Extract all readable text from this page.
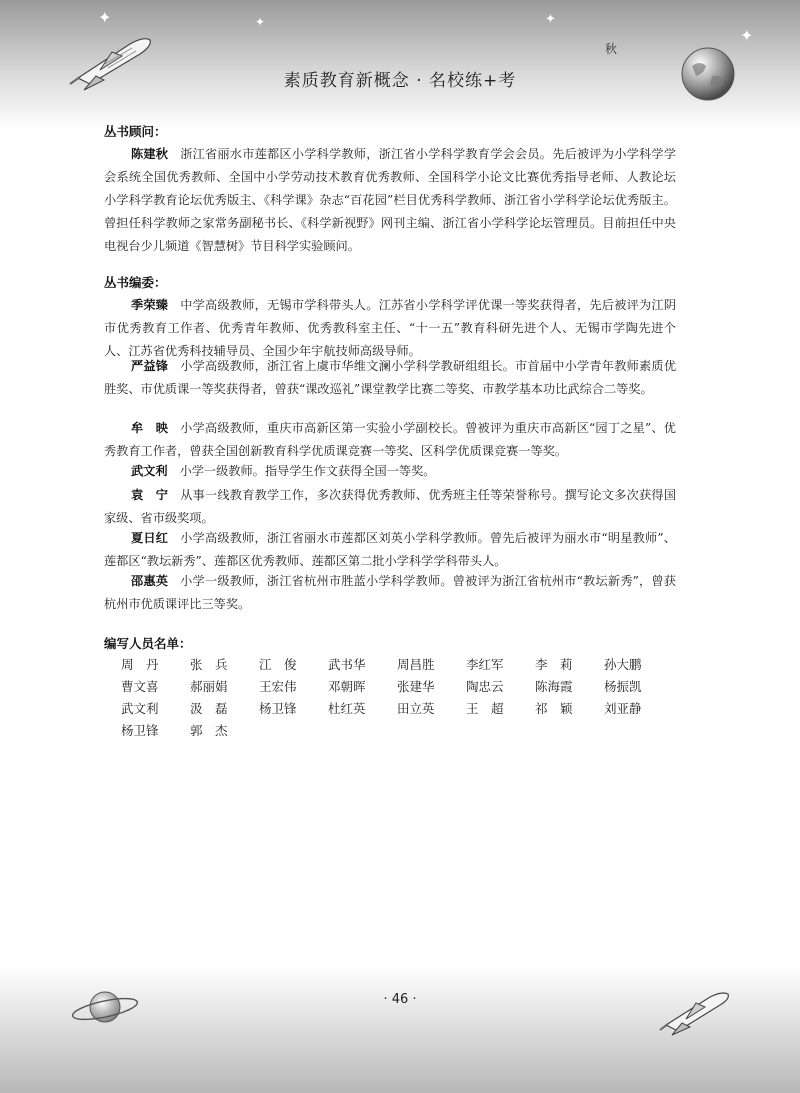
✦	✦	✦
✦
秋
素质教育新概念 · 名校练+考
丛书顾问：
陈建秋 浙江省丽水市莲都区小学科学教师，浙江省小学科学教育学会会员。先后被评为小学科学学会系统全国优秀教师、全国中小学劳动技术教育优秀教师、全国科学小论文比赛优秀指导老师、人教论坛小学科学教育论坛优秀版主、《科学课》杂志“百花园”栏目优秀科学教师、浙江省小学科学论坛优秀版主。曾担任科学教师之家常务副秘书长、《科学新视野》网刊主编、浙江省小学科学论坛管理员。目前担任中央电视台少儿频道《智慧树》节目科学实验顾问。
丛书编委：
季荣臻 中学高级教师，无锡市学科带头人。江苏省小学科学评优课一等奖获得者，先后被评为江阴市优秀教育工作者、优秀青年教师、优秀教科室主任、“十一五”教育科研先进个人、无锡市学陶先进个人、江苏省优秀科技辅导员、全国少年宇航技师高级导师。
严益锋 小学高级教师，浙江省上虞市华维文澜小学科学教研组组长。市首届中小学青年教师素质优胜奖、市优质课一等奖获得者，曾获“课改巡礼”课堂教学比赛二等奖、市教学基本功比武综合二等奖。
牟　映 小学高级教师，重庆市高新区第一实验小学副校长。曾被评为重庆市高新区“园丁之星”、优秀教育工作者，曾获全国创新教育科学优质课竞赛一等奖、区科学优质课竞赛一等奖。
武文利 小学一级教师。指导学生作文获得全国一等奖。
袁　宁 从事一线教育教学工作，多次获得优秀教师、优秀班主任等荣誉称号。撰写论文多次获得国家级、省市级奖项。
夏日红 小学高级教师，浙江省丽水市莲都区刘英小学科学教师。曾先后被评为丽水市“明星教师”、莲都区“教坛新秀”、莲都区优秀教师、莲都区第二批小学科学学科带头人。
邵惠英 小学一级教师，浙江省杭州市胜蓝小学科学教师。曾被评为浙江省杭州市“教坛新秀”，曾获杭州市优质课评比三等奖。
编写人员名单：
周　丹	张　兵	江　俊	武书华	周昌胜	李红军	李　莉	孙大鹏
曹文喜	郝丽娟	王宏伟	邓朝晖	张建华	陶忠云	陈海霞	杨振凯
武文利	汲　磊	杨卫锋	杜红英	田立英	王　超	祁　颖	刘亚静
杨卫锋	郭　杰
· 46 ·
